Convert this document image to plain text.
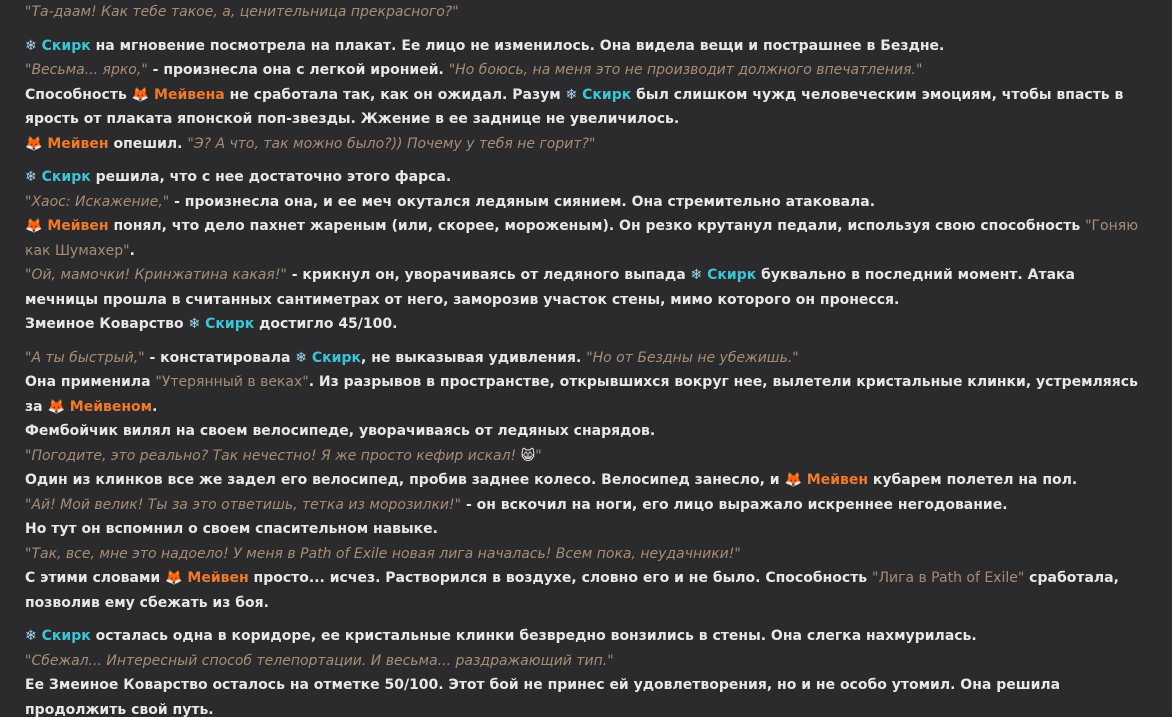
"Та-даам! Как тебе такое, а, ценительница прекрасного?"

❄ Скирк на мгновение посмотрела на плакат. Ее лицо не изменилось. Она видела вещи и пострашнее в Бездне.

"Весьма... ярко," - произнесла она с легкой иронией. "Но боюсь, на меня это не производит должного впечатления."

Способность 🦊 Мейвена не сработала так, как он ожидал. Разум ❄ Скирк был слишком чужд человеческим эмоциям, чтобы впасть в ярость от плаката японской поп-звезды. Жжение в ее заднице не увеличилось.

🦊 Мейвен опешил. "Э? А что, так можно было?)) Почему у тебя не горит?"

❄ Скирк решила, что с нее достаточно этого фарса.

"Хаос: Искажение," - произнесла она, и ее меч окутался ледяным сиянием. Она стремительно атаковала.

🦊 Мейвен понял, что дело пахнет жареным (или, скорее, мороженым). Он резко крутанул педали, используя свою способность "Гоняю как Шумахер".

"Ой, мамочки! Кринжатина какая!" - крикнул он, уворачиваясь от ледяного выпада ❄ Скирк буквально в последний момент. Атака мечницы прошла в считанных сантиметрах от него, заморозив участок стены, мимо которого он пронесся.

Змеиное Коварство ❄ Скирк достигло 45/100.

"А ты быстрый," - констатировала ❄ Скирк, не выказывая удивления. "Но от Бездны не убежишь."

Она применила "Утерянный в веках". Из разрывов в пространстве, открывшихся вокруг нее, вылетели кристальные клинки, устремляясь за 🦊 Мейвеном.

Фембойчик вилял на своем велосипеде, уворачиваясь от ледяных снарядов.

"Погодите, это реально? Так нечестно! Я же просто кефир искал! 😸"

Один из клинков все же задел его велосипед, пробив заднее колесо. Велосипед занесло, и 🦊 Мейвен кубарем полетел на пол.

"Ай! Мой велик! Ты за это ответишь, тетка из морозилки!" - он вскочил на ноги, его лицо выражало искреннее негодование.

Но тут он вспомнил о своем спасительном навыке.

"Так, все, мне это надоело! У меня в Path of Exile новая лига началась! Всем пока, неудачники!"

С этими словами 🦊 Мейвен просто... исчез. Растворился в воздухе, словно его и не было. Способность "Лига в Path of Exile" сработала, позволив ему сбежать из боя.

❄ Скирк осталась одна в коридоре, ее кристальные клинки безвредно вонзились в стены. Она слегка нахмурилась.

"Сбежал... Интересный способ телепортации. И весьма... раздражающий тип."

Ее Змеиное Коварство осталось на отметке 50/100. Этот бой не принес ей удовлетворения, но и не особо утомил. Она решила продолжить свой путь.
